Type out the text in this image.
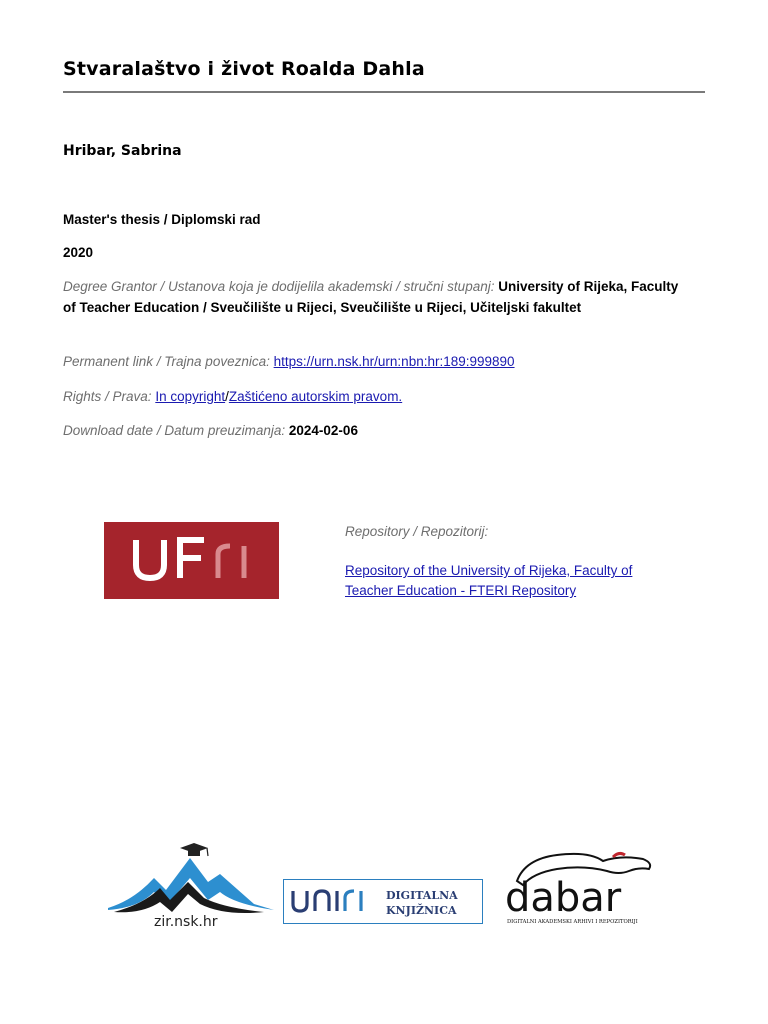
Stvaralaštvo i život Roalda Dahla
Hribar, Sabrina
Master's thesis / Diplomski rad
2020
Degree Grantor / Ustanova koja je dodijelila akademski / stručni stupanj: University of Rijeka, Faculty of Teacher Education / Sveučilište u Rijeci, Sveučilište u Rijeci, Učiteljski fakultet
Permanent link / Trajna poveznica: https://urn.nsk.hr/urn:nbn:hr:189:999890
Rights / Prava: In copyright/Zaštićeno autorskim pravom.
Download date / Datum preuzimanja: 2024-02-06
Repository / Repozitorij:
Repository of the University of Rijeka, Faculty of Teacher Education - FTERI Repository
zir.nsk.hr
DIGITALNA
KNJIŽNICA dabar
DIGITALNI AKADEMSKI ARHIVI I REPOZITORIJI
